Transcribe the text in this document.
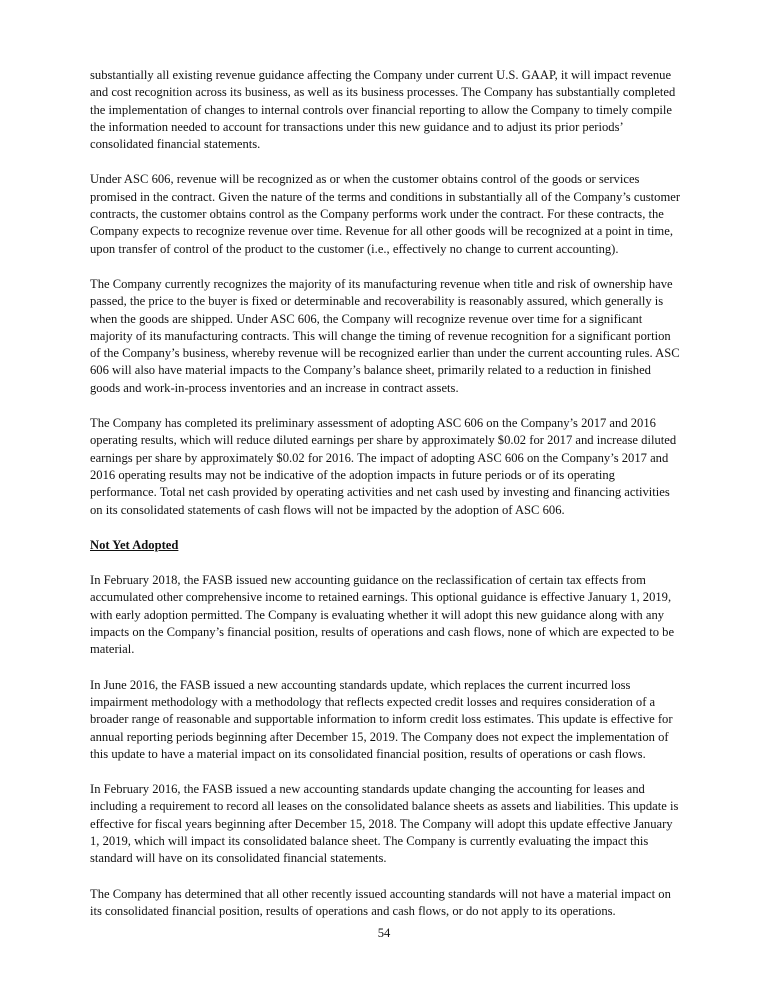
substantially all existing revenue guidance affecting the Company under current U.S. GAAP, it will impact revenue and cost recognition across its business, as well as its business processes. The Company has substantially completed the implementation of changes to internal controls over financial reporting to allow the Company to timely compile the information needed to account for transactions under this new guidance and to adjust its prior periods’ consolidated financial statements.

Under ASC 606, revenue will be recognized as or when the customer obtains control of the goods or services promised in the contract. Given the nature of the terms and conditions in substantially all of the Company’s customer contracts, the customer obtains control as the Company performs work under the contract. For these contracts, the Company expects to recognize revenue over time. Revenue for all other goods will be recognized at a point in time, upon transfer of control of the product to the customer (i.e., effectively no change to current accounting).

The Company currently recognizes the majority of its manufacturing revenue when title and risk of ownership have passed, the price to the buyer is fixed or determinable and recoverability is reasonably assured, which generally is when the goods are shipped. Under ASC 606, the Company will recognize revenue over time for a significant majority of its manufacturing contracts. This will change the timing of revenue recognition for a significant portion of the Company’s business, whereby revenue will be recognized earlier than under the current accounting rules. ASC 606 will also have material impacts to the Company’s balance sheet, primarily related to a reduction in finished goods and work-in-process inventories and an increase in contract assets.

The Company has completed its preliminary assessment of adopting ASC 606 on the Company’s 2017 and 2016 operating results, which will reduce diluted earnings per share by approximately $0.02 for 2017 and increase diluted earnings per share by approximately $0.02 for 2016. The impact of adopting ASC 606 on the Company’s 2017 and 2016 operating results may not be indicative of the adoption impacts in future periods or of its operating performance. Total net cash provided by operating activities and net cash used by investing and financing activities on its consolidated statements of cash flows will not be impacted by the adoption of ASC 606.

Not Yet Adopted

In February 2018, the FASB issued new accounting guidance on the reclassification of certain tax effects from accumulated other comprehensive income to retained earnings. This optional guidance is effective January 1, 2019, with early adoption permitted. The Company is evaluating whether it will adopt this new guidance along with any impacts on the Company’s financial position, results of operations and cash flows, none of which are expected to be material.

In June 2016, the FASB issued a new accounting standards update, which replaces the current incurred loss impairment methodology with a methodology that reflects expected credit losses and requires consideration of a broader range of reasonable and supportable information to inform credit loss estimates. This update is effective for annual reporting periods beginning after December 15, 2019. The Company does not expect the implementation of this update to have a material impact on its consolidated financial position, results of operations or cash flows.

In February 2016, the FASB issued a new accounting standards update changing the accounting for leases and including a requirement to record all leases on the consolidated balance sheets as assets and liabilities. This update is effective for fiscal years beginning after December 15, 2018. The Company will adopt this update effective January 1, 2019, which will impact its consolidated balance sheet. The Company is currently evaluating the impact this standard will have on its consolidated financial statements.

The Company has determined that all other recently issued accounting standards will not have a material impact on its consolidated financial position, results of operations and cash flows, or do not apply to its operations.

54
